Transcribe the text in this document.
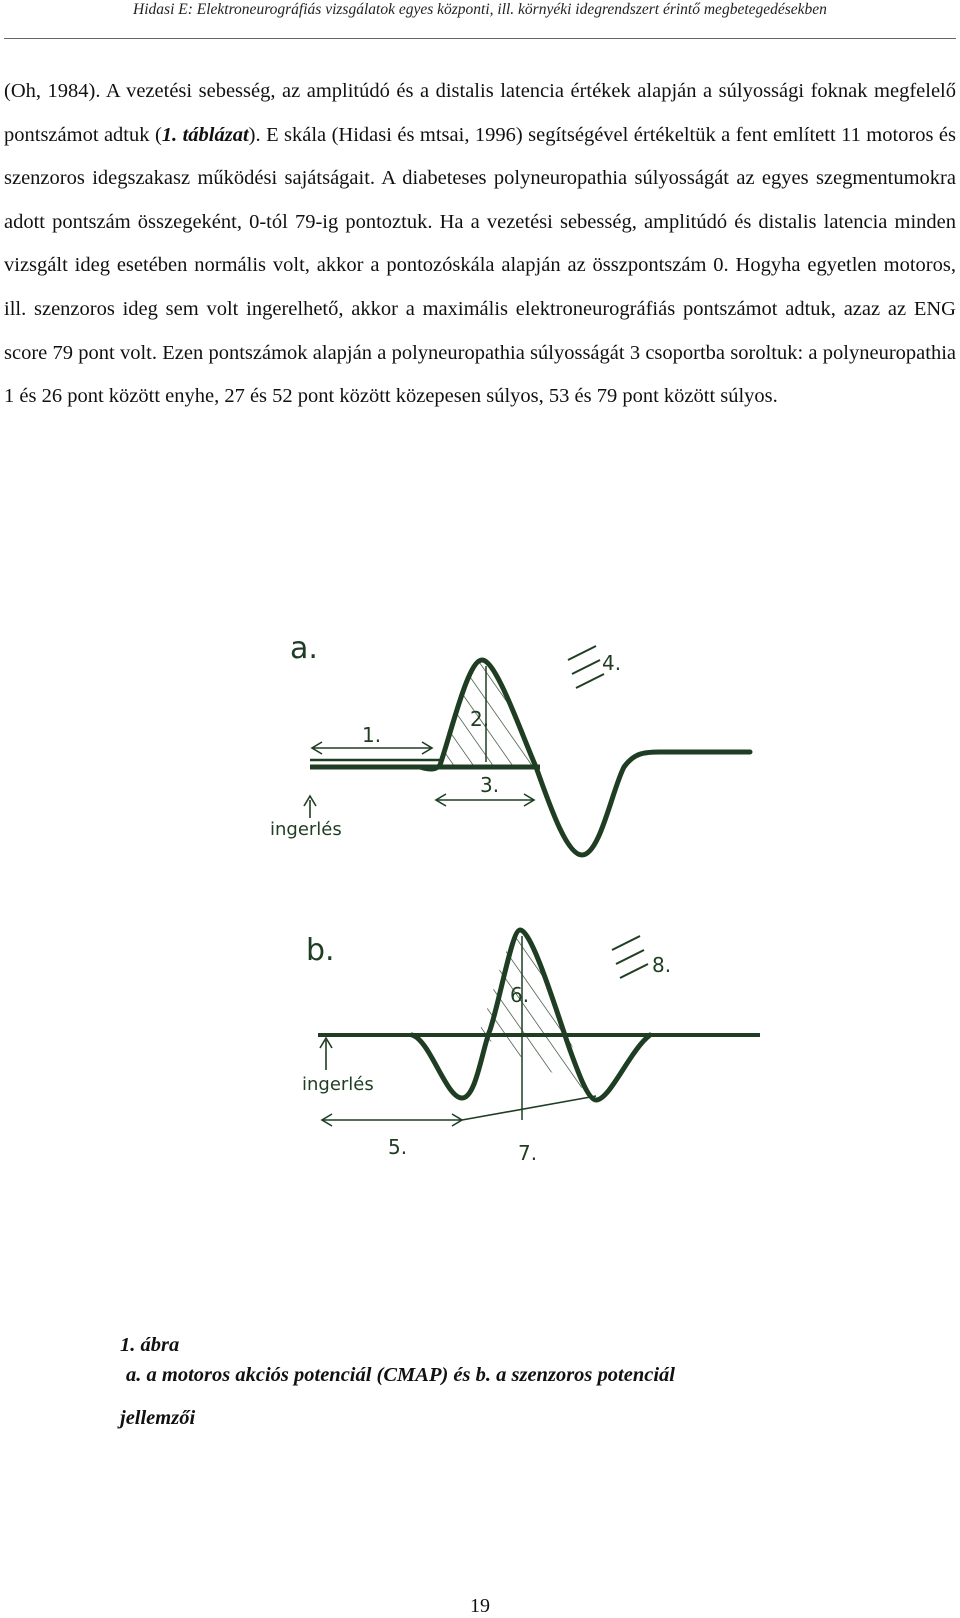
Hidasi E: Elektroneurográfiás vizsgálatok egyes központi, ill. környéki idegrendszert érintő megbetegedésekben

(Oh, 1984). A vezetési sebesség, az amplitúdó és a distalis latencia értékek alapján a súlyossági foknak megfelelő pontszámot adtuk (1. táblázat). E skála (Hidasi és mtsai, 1996) segítségével értékeltük a fent említett 11 motoros és szenzoros idegszakasz működési sajátságait. A diabeteses polyneuropathia súlyosságát az egyes szegmentumokra adott pontszám összegeként, 0-tól 79-ig pontoztuk. Ha a vezetési sebesség, amplitúdó és distalis latencia minden vizsgált ideg esetében normális volt, akkor a pontozóskála alapján az összpontszám 0. Hogyha egyetlen motoros, ill. szenzoros ideg sem volt ingerelhető, akkor a maximális elektroneurográfiás pontszámot adtuk, azaz az ENG score 79 pont volt. Ezen pontszámok alapján a polyneuropathia súlyosságát 3 csoportba soroltuk: a polyneuropathia 1 és 26 pont között enyhe, 27 és 52 pont között közepesen súlyos, 53 és 79 pont között súlyos.

a.
1.
2.
3.
4.
ingerlés
b.
5.
6.
7.
8.
ingerlés
1. ábra
a. a motoros akciós potenciál (CMAP) és b. a szenzoros potenciál
jellemzői
19
